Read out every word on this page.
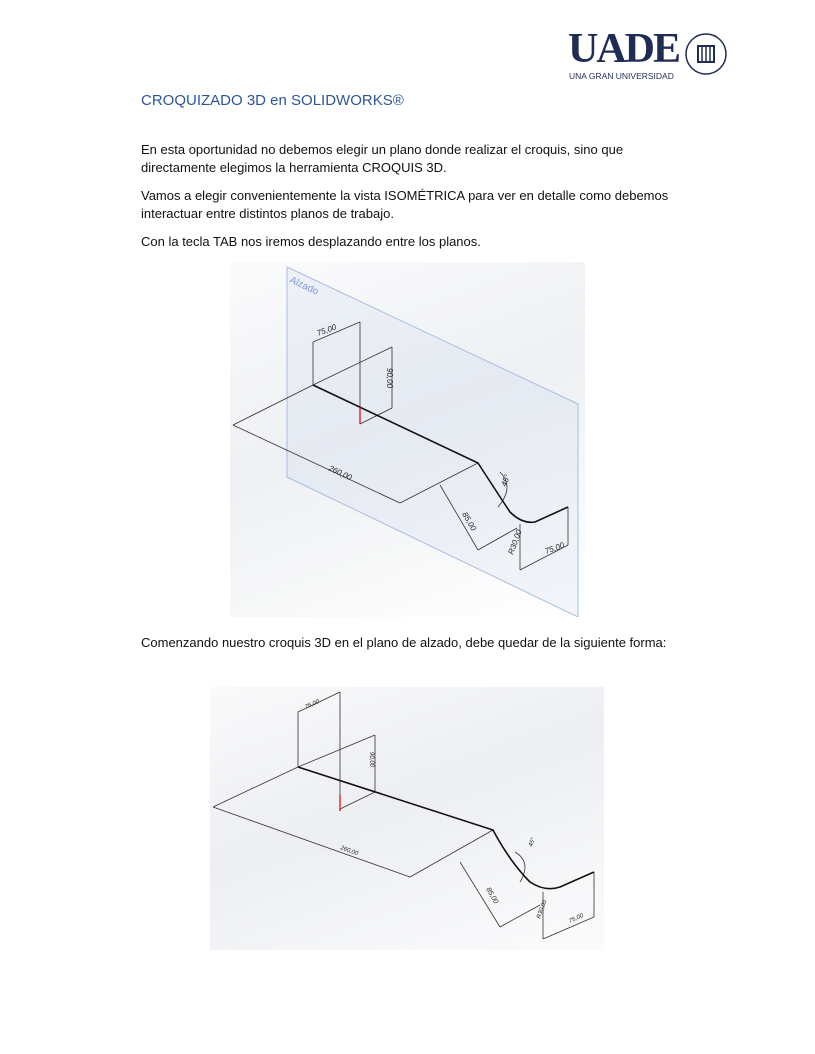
UADE
UNA GRAN UNIVERSIDAD
CROQUIZADO 3D en SOLIDWORKS®
En esta oportunidad no debemos elegir un plano donde realizar el croquis, sino que directamente elegimos la herramienta CROQUIS 3D.
Vamos a elegir convenientemente la vista ISOMÉTRICA para ver en detalle como debemos interactuar entre distintos planos de trabajo.
Con la tecla TAB nos iremos desplazando entre los planos.
Alzado
75,00
90,00
260,00	45°
85,00
R30,00 75,00
Comenzando nuestro croquis 3D en el plano de alzado, debe quedar de la siguiente forma:
75,00
90,00
260,00
45°
85,00
R30,00	75,00
